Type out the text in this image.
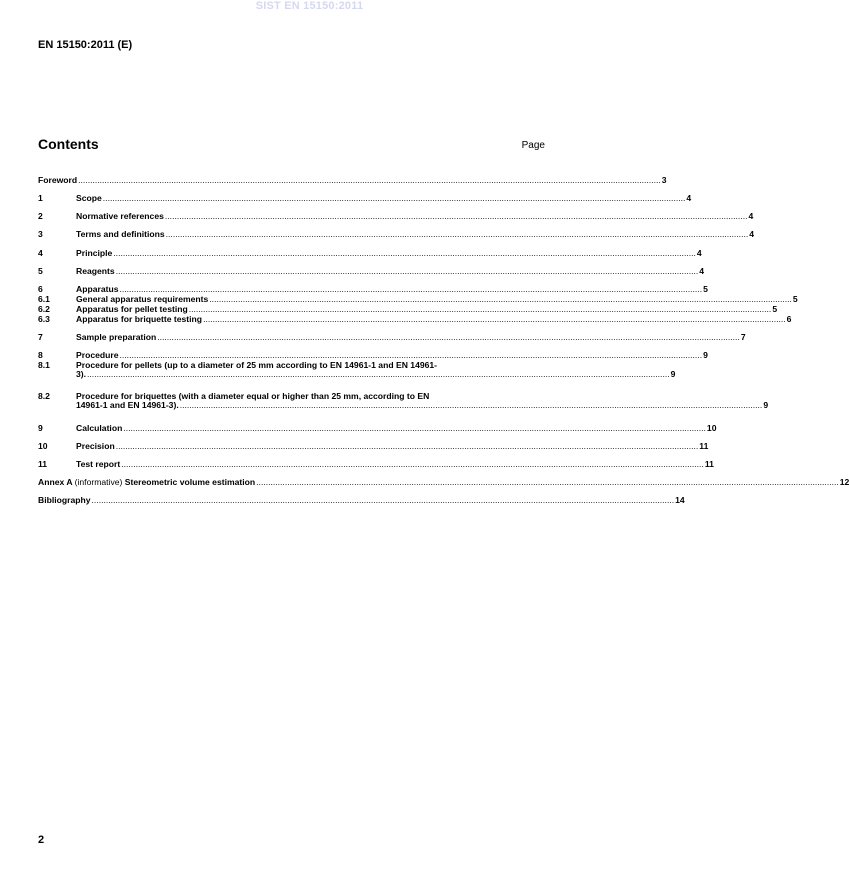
SIST EN 15150:2011
EN 15150:2011 (E)
Contents	Page
Foreword .....	3
1	Scope .....	4
2	Normative references .....	4
3	Terms and definitions .....	4
4	Principle .....	4
5	Reagents .....	4
6	Apparatus .....	5
6.1	General apparatus requirements .....	5
6.2	Apparatus for pellet testing .....	5
6.3	Apparatus for briquette testing .....	6
7	Sample preparation .....	7
8	Procedure .....	9
8.1	Procedure for pellets (up to a diameter of 25 mm according to EN 14961-1 and EN 14961-
3). .....	9
8.2	Procedure for briquettes (with a diameter equal or higher than 25 mm, according to EN
14961-1 and EN 14961-3). .....	9
9	Calculation .....	10
10	Precision .....	11
11	Test report .....	11
Annex A (informative) Stereometric volume estimation .....	12
Bibliography .....	14
2
